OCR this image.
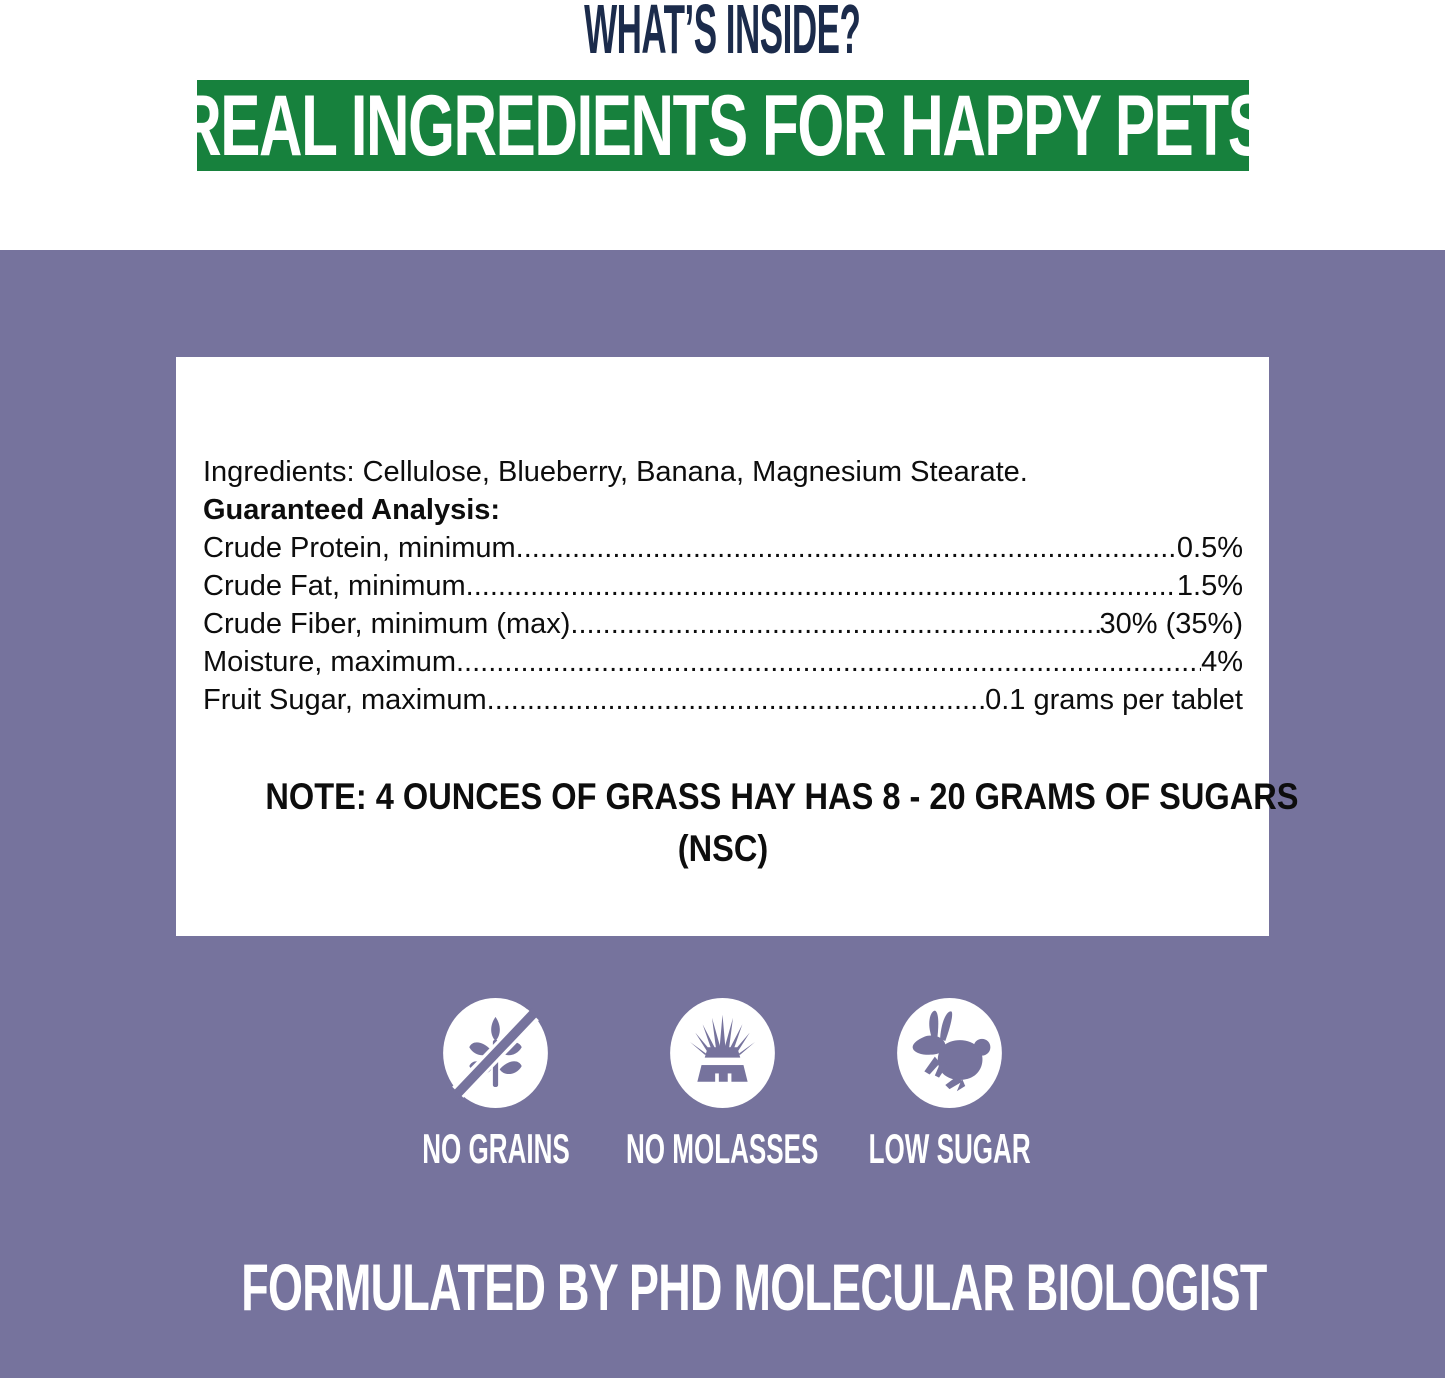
WHAT’S INSIDE?
REAL INGREDIENTS FOR HAPPY PETS

Ingredients: Cellulose, Blueberry, Banana, Magnesium Stearate.

Guaranteed Analysis:

Crude Protein, minimum .....	0.5%
Crude Fat, minimum .....	1.5%
Crude Fiber, minimum (max) .....	30% (35%)
Moisture, maximum .....	4%
Fruit Sugar, maximum .....	0.1 grams per tablet
NOTE: 4 OUNCES OF GRASS HAY HAS 8 - 20 GRAMS OF SUGARS
(NSC)
NO GRAINS NO MOLASSES LOW SUGAR
FORMULATED BY PHD MOLECULAR BIOLOGIST
